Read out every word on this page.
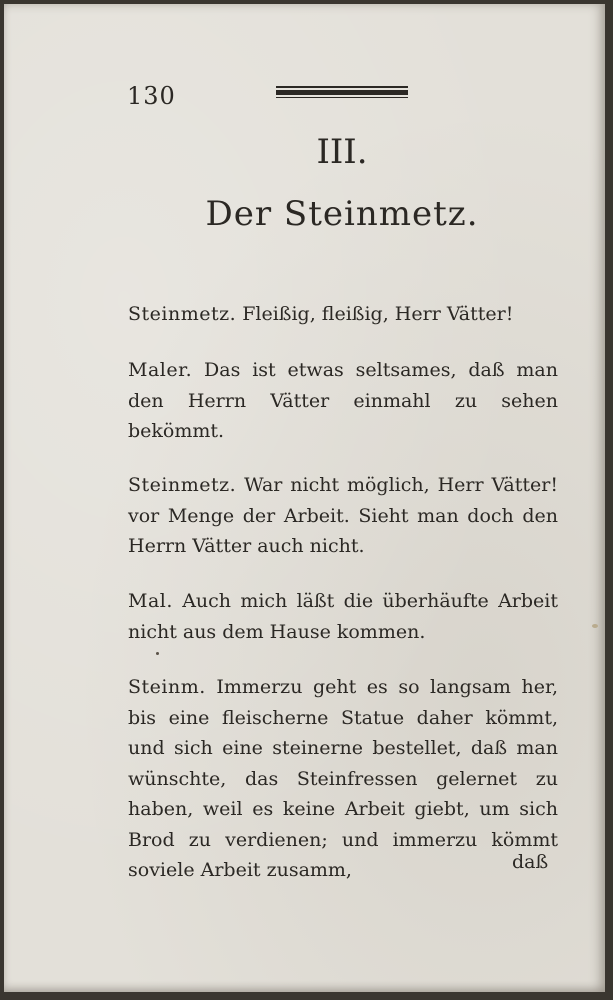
130
III.
Der Steinmetz.
Steinmetz. Fleißig, fleißig, Herr Vätter!
Maler. Das ist etwas seltsames, daß man den Herrn Vätter einmahl zu sehen bekömmt.
Steinmetz. War nicht möglich, Herr Vätter! vor Menge der Arbeit. Sieht man doch den Herrn Vätter auch nicht.
Mal. Auch mich läßt die überhäufte Arbeit nicht aus dem Hause kommen.
Steinm. Immerzu geht es so langsam her, bis eine fleischerne Statue daher kömmt, und sich eine steinerne bestellet, daß man wünschte, das Steinfressen gelernet zu haben, weil es keine Arbeit giebt, um sich Brod zu verdienen; und immerzu kömmt soviele Arbeit zusamm,	daß
